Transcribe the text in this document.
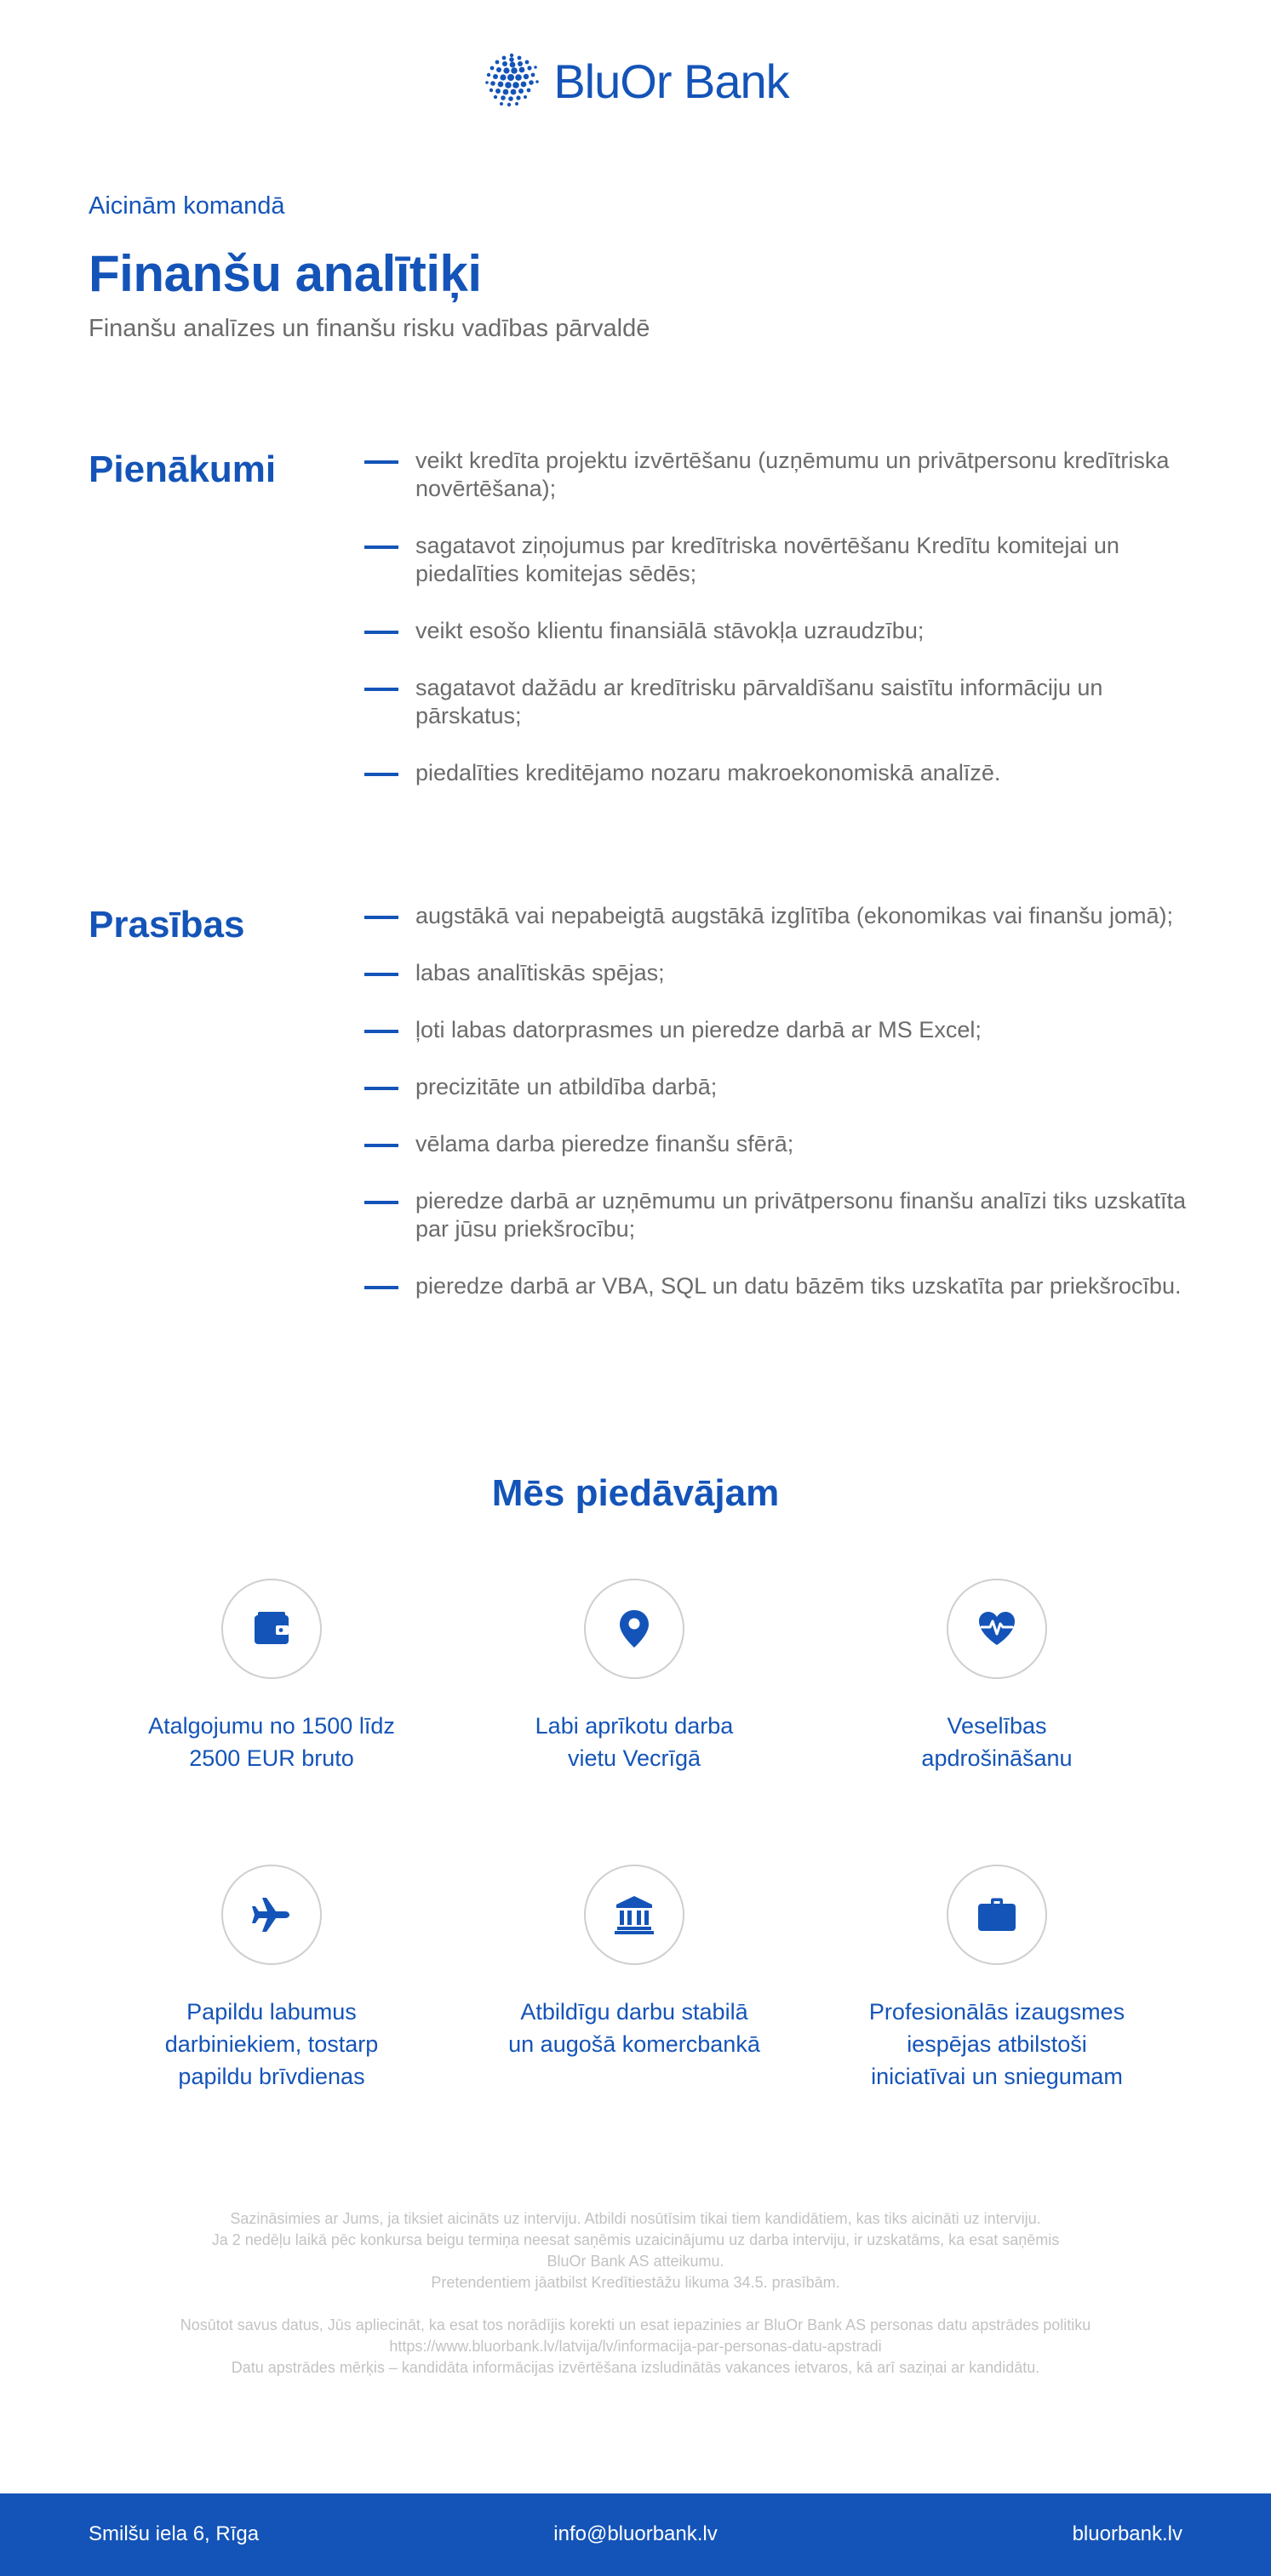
BluOr Bank
Aicinām komandā
Finanšu analītiķi
Finanšu analīzes un finanšu risku vadības pārvaldē
Pienākumi	veikt kredīta projektu izvērtēšanu (uzņēmumu un privātpersonu kredītriska novērtēšana);
sagatavot ziņojumus par kredītriska novērtēšanu Kredītu komitejai un piedalīties komitejas sēdēs;
veikt esošo klientu finansiālā stāvokļa uzraudzību;
sagatavot dažādu ar kredītrisku pārvaldīšanu saistītu informāciju un pārskatus;
piedalīties kreditējamo nozaru makroekonomiskā analīzē.
Prasības	augstākā vai nepabeigtā augstākā izglītība (ekonomikas vai finanšu jomā);
labas analītiskās spējas;
ļoti labas datorprasmes un pieredze darbā ar MS Excel;
precizitāte un atbildība darbā;
vēlama darba pieredze finanšu sfērā;
pieredze darbā ar uzņēmumu un privātpersonu finanšu analīzi tiks uzskatīta par jūsu priekšrocību;
pieredze darbā ar VBA, SQL un datu bāzēm tiks uzskatīta par priekšrocību.
Mēs piedāvājam
Atalgojumu no 1500 līdz
2500 EUR bruto
Labi aprīkotu darba
vietu Vecrīgā
Veselības
apdrošināšanu
Papildu labumus
darbiniekiem, tostarp
papildu brīvdienas
Atbildīgu darbu stabilā
un augošā komercbankā
Profesionālās izaugsmes
iespējas atbilstoši
iniciatīvai un sniegumam

Sazināsimies ar Jums, ja tiksiet aicināts uz interviju. Atbildi nosūtīsim tikai tiem kandidātiem, kas tiks aicināti uz interviju.

Ja 2 nedēļu laikā pēc konkursa beigu termiņa neesat saņēmis uzaicinājumu uz darba interviju, ir uzskatāms, ka esat saņēmis

BluOr Bank AS atteikumu.

Pretendentiem jāatbilst Kredītiestāžu likuma 34.5. prasībām.

Nosūtot savus datus, Jūs apliecināt, ka esat tos norādījis korekti un esat iepazinies ar BluOr Bank AS personas datu apstrādes politiku

https://www.bluorbank.lv/latvija/lv/informacija-par-personas-datu-apstradi

Datu apstrādes mērķis – kandidāta informācijas izvērtēšana izsludinātās vakances ietvaros, kā arī saziņai ar kandidātu.

info@bluorbank.lv
Smilšu iela 6, Rīga	bluorbank.lv
